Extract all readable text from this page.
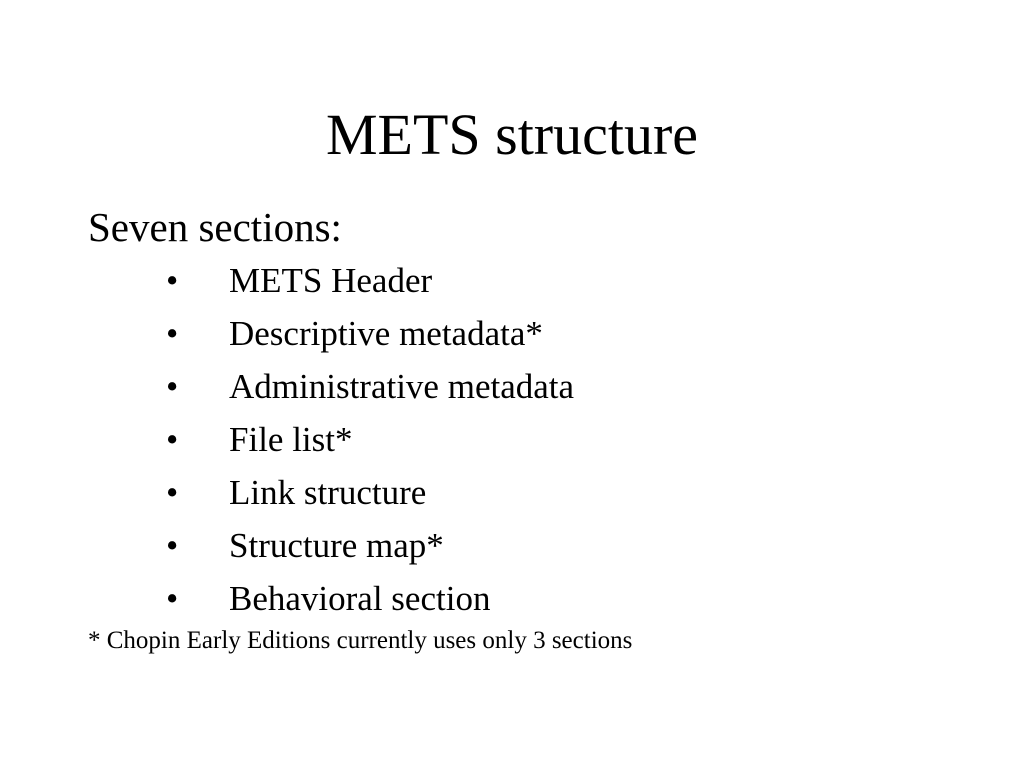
METS structure

Seven sections:

• METS Header
• Descriptive metadata*
• Administrative metadata
• File list*
• Link structure
• Structure map*
• Behavioral section

* Chopin Early Editions currently uses only 3 sections
